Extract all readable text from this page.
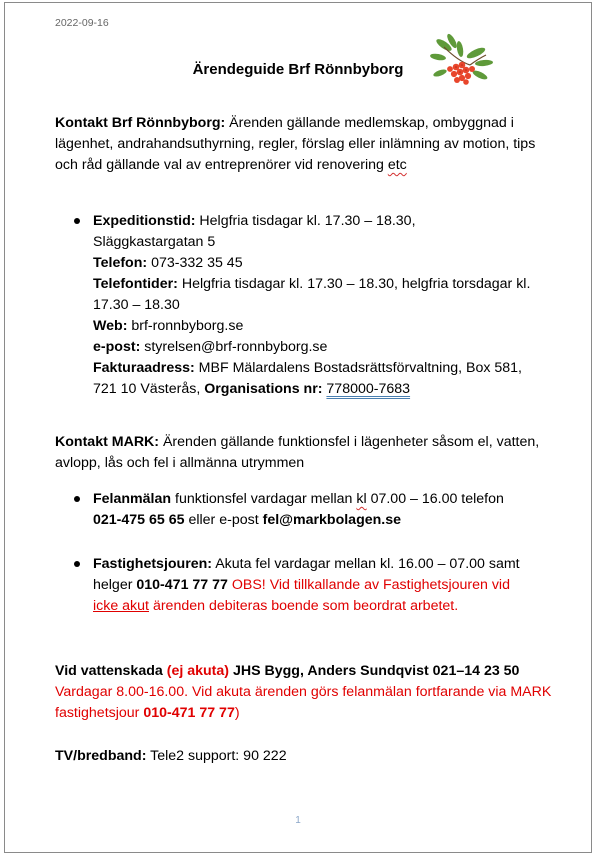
2022-09-16
Ärendeguide Brf Rönnbyborg
Kontakt Brf Rönnbyborg: Ärenden gällande medlemskap, ombyggnad i lägenhet, andrahandsuthyrning, regler, förslag eller inlämning av motion, tips och råd gällande val av entreprenörer vid renovering etc
Expeditionstid: Helgfria tisdagar kl. 17.30 – 18.30,
Släggkastargatan 5
Telefon: 073-332 35 45
Telefontider: Helgfria tisdagar kl. 17.30 – 18.30, helgfria torsdagar kl. 17.30 – 18.30
Web: brf-ronnbyborg.se
e-post: styrelsen@brf-ronnbyborg.se
Fakturaadress: MBF Mälardalens Bostadsrättsförvaltning, Box 581, 721 10 Västerås, Organisations nr: 778000-7683
Kontakt MARK: Ärenden gällande funktionsfel i lägenheter såsom el, vatten, avlopp, lås och fel i allmänna utrymmen
Felanmälan funktionsfel vardagar mellan kl 07.00 – 16.00 telefon 021-475 65 65 eller e-post fel@markbolagen.se
Fastighetsjouren: Akuta fel vardagar mellan kl. 16.00 – 07.00 samt helger 010-471 77 77 OBS! Vid tillkallande av Fastighetsjouren vid icke akut ärenden debiteras boende som beordrat arbetet.
Vid vattenskada (ej akuta) JHS Bygg, Anders Sundqvist 021–14 23 50
Vardagar 8.00-16.00. Vid akuta ärenden görs felanmälan fortfarande via MARK fastighetsjour 010-471 77 77)
TV/bredband: Tele2 support: 90 222
1
